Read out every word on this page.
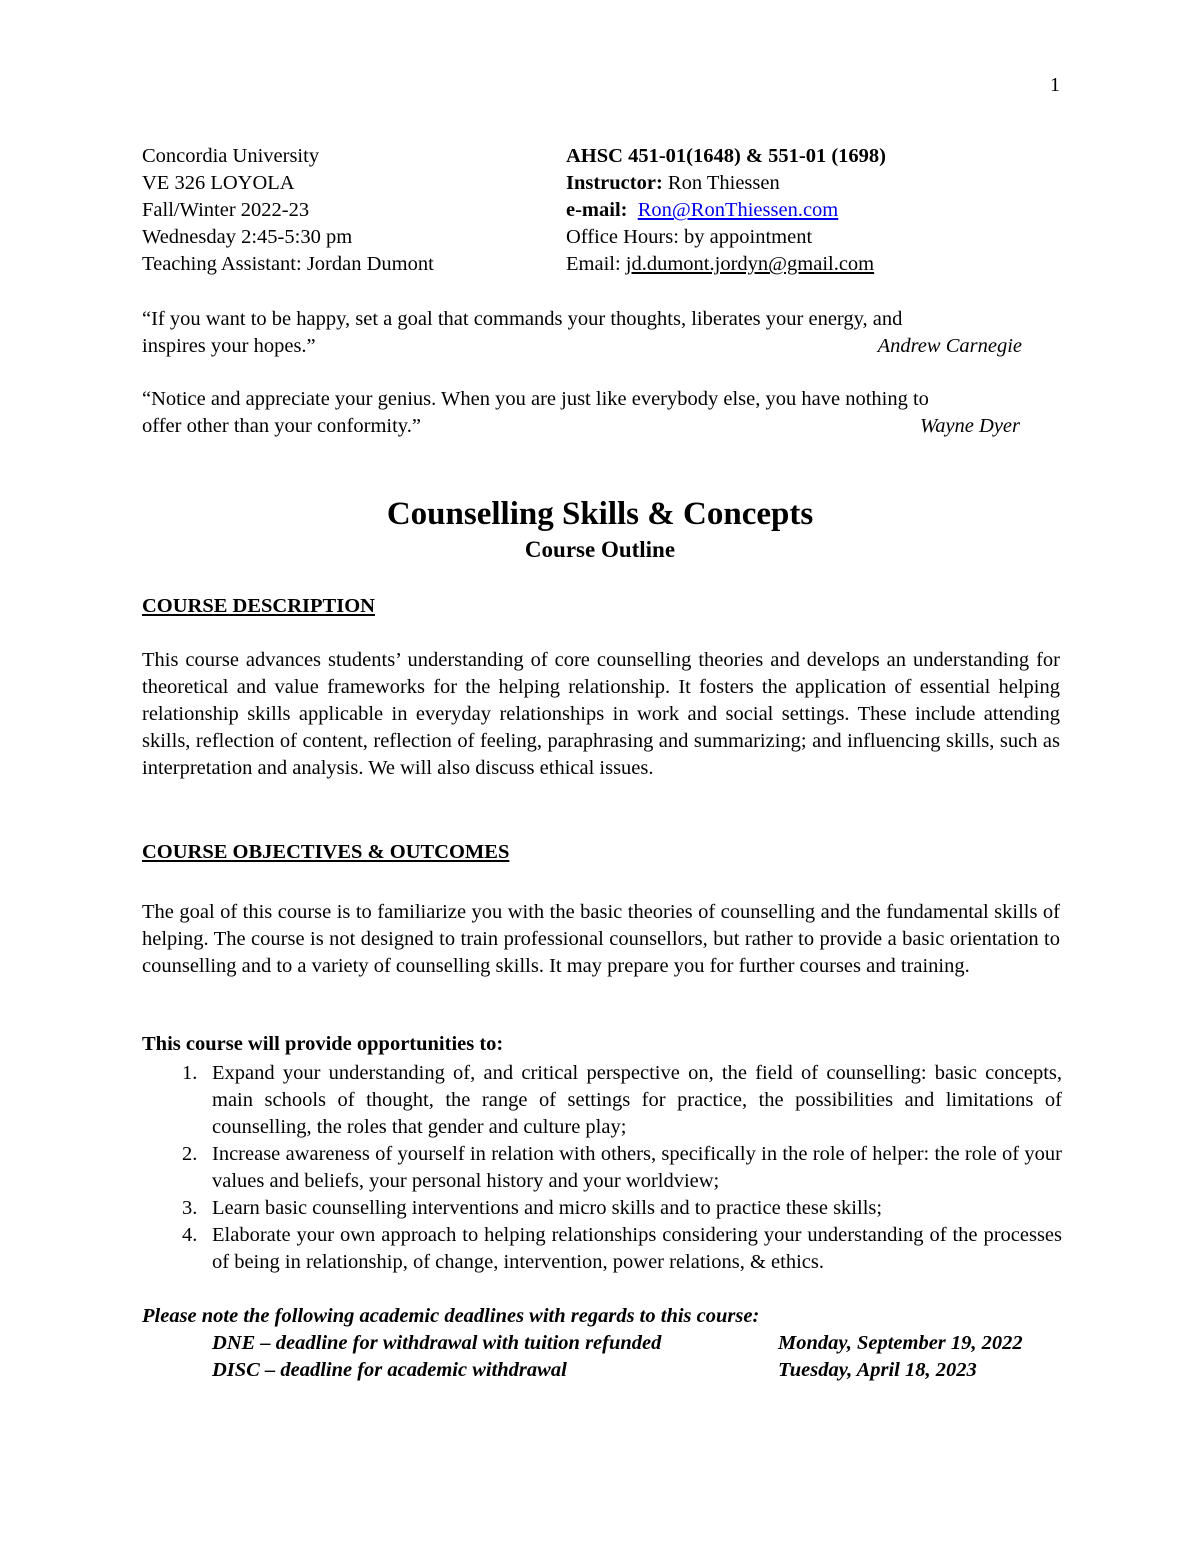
1
Concordia University	AHSC 451-01(1648) & 551-01 (1698)
VE 326 LOYOLA	Instructor: Ron Thiessen
Fall/Winter 2022-23	e-mail: Ron@RonThiessen.com
Wednesday 2:45-5:30 pm	Office Hours: by appointment
Teaching Assistant: Jordan Dumont	Email: jd.dumont.jordyn@gmail.com
“If you want to be happy, set a goal that commands your thoughts, liberates your energy, and
inspires your hopes.”	Andrew Carnegie
“Notice and appreciate your genius. When you are just like everybody else, you have nothing to
offer other than your conformity.”	Wayne Dyer
Counselling Skills & Concepts
Course Outline
COURSE DESCRIPTION

This course advances students’ understanding of core counselling theories and develops an understanding for theoretical and value frameworks for the helping relationship. It fosters the application of essential helping relationship skills applicable in everyday relationships in work and social settings. These include attending skills, reflection of content, reflection of feeling, paraphrasing and summarizing; and influencing skills, such as interpretation and analysis. We will also discuss ethical issues.

COURSE OBJECTIVES & OUTCOMES

The goal of this course is to familiarize you with the basic theories of counselling and the fundamental skills of helping. The course is not designed to train professional counsellors, but rather to provide a basic orientation to counselling and to a variety of counselling skills. It may prepare you for further courses and training.

This course will provide opportunities to:
1. Expand your understanding of, and critical perspective on, the field of counselling: basic concepts, main schools of thought, the range of settings for practice, the possibilities and limitations of counselling, the roles that gender and culture play;
2. Increase awareness of yourself in relation with others, specifically in the role of helper: the role of your values and beliefs, your personal history and your worldview;
3. Learn basic counselling interventions and micro skills and to practice these skills;
4. Elaborate your own approach to helping relationships considering your understanding of the processes of being in relationship, of change, intervention, power relations, & ethics.
Please note the following academic deadlines with regards to this course:
DNE – deadline for withdrawal with tuition refunded	Monday, September 19, 2022
DISC – deadline for academic withdrawal	Tuesday, April 18, 2023
